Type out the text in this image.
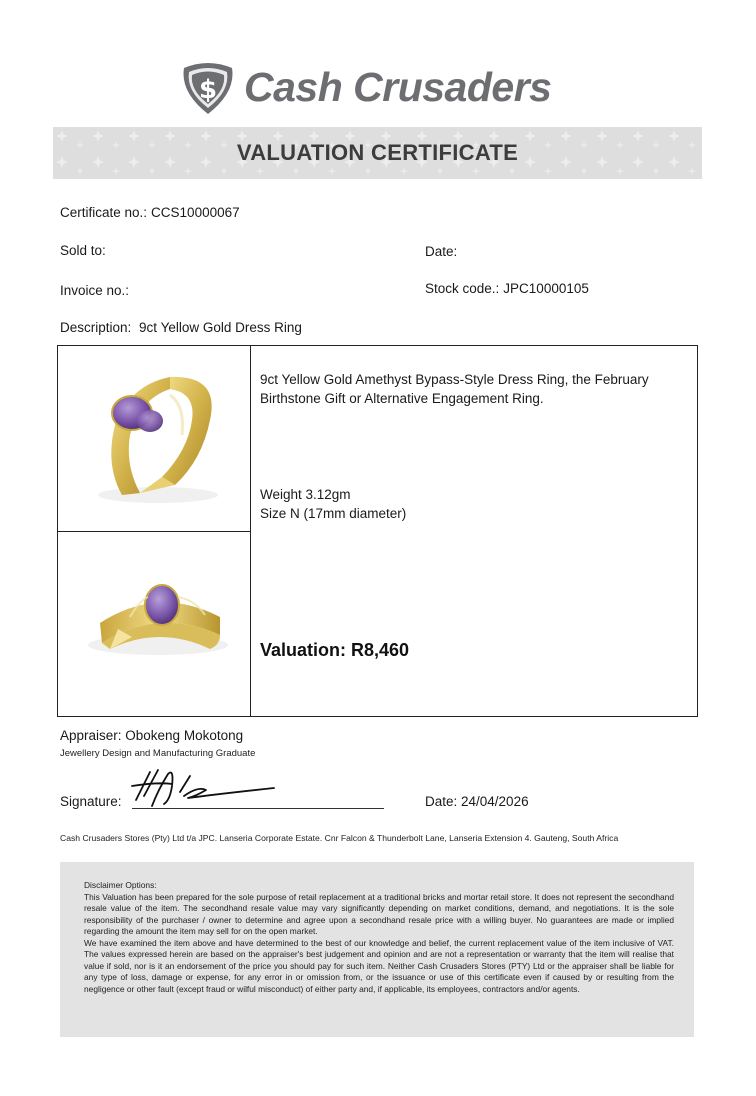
$ Cash Crusaders
VALUATION CERTIFICATE
Certificate no.: CCS10000067
Sold to:	Date:
Invoice no.:	Stock code.: JPC10000105
Description: 9ct Yellow Gold Dress Ring
9ct Yellow Gold Amethyst Bypass-Style Dress Ring, the February Birthstone Gift or Alternative Engagement Ring.
Weight 3.12gm
Size N (17mm diameter)
Valuation: R8,460
Appraiser: Obokeng Mokotong
Jewellery Design and Manufacturing Graduate
Signature:	Date: 24/04/2026
Cash Crusaders Stores (Pty) Ltd t/a JPC. Lanseria Corporate Estate. Cnr Falcon & Thunderbolt Lane, Lanseria Extension 4. Gauteng, South Africa

Disclaimer Options:

This Valuation has been prepared for the sole purpose of retail replacement at a traditional bricks and mortar retail store. It does not represent the secondhand resale value of the item. The secondhand resale value may vary significantly depending on market conditions, demand, and negotiations. It is the sole responsibility of the purchaser / owner to determine and agree upon a secondhand resale price with a willing buyer. No guarantees are made or implied regarding the amount the item may sell for on the open market.

We have examined the item above and have determined to the best of our knowledge and belief, the current replacement value of the item inclusive of VAT. The values expressed herein are based on the appraiser's best judgement and opinion and are not a representation or warranty that the item will realise that value if sold, nor is it an endorsement of the price you should pay for such item. Neither Cash Crusaders Stores (PTY) Ltd or the appraiser shall be liable for any type of loss, damage or expense, for any error in or omission from, or the issuance or use of this certificate even if caused by or resulting from the negligence or other fault (except fraud or wilful misconduct) of either party and, if applicable, its employees, contractors and/or agents.
